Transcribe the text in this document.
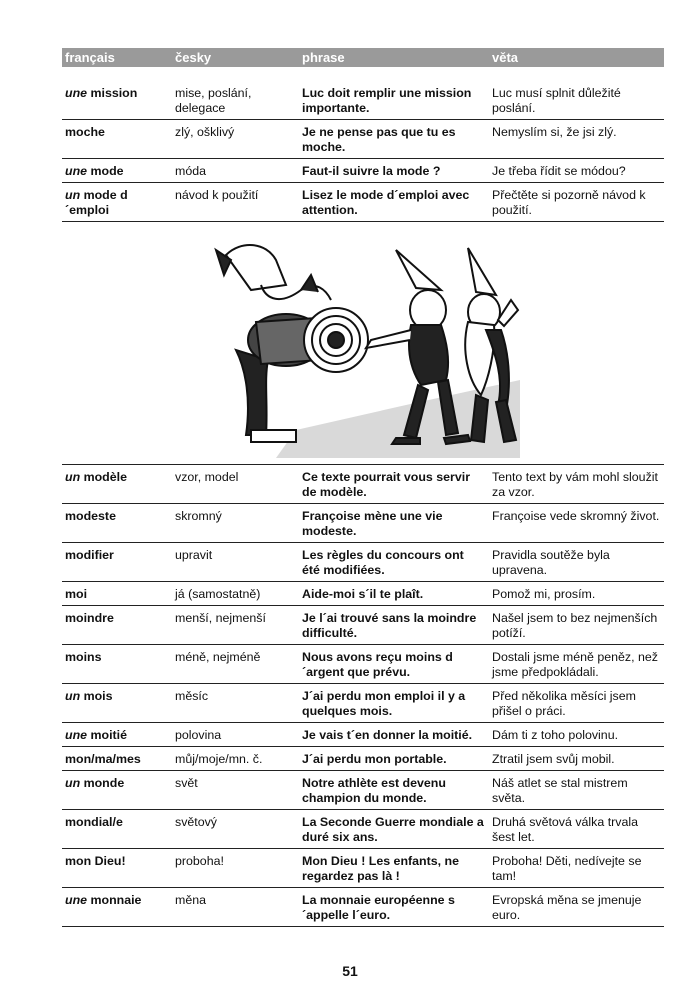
français	česky	phrase	věta

une mission	mise, poslání, delegace	Luc doit remplir une mission importante.	Luc musí splnit důležité poslání.
moche	zlý, ošklivý	Je ne pense pas que tu es moche.	Nemyslím si, že jsi zlý.
une mode	móda	Faut-il suivre la mode ?	Je třeba řídit se módou?
un mode d´emploi	návod k použití	Lisez le mode d´emploi avec attention.	Přečtěte si pozorně návod k použití.

un modèle	vzor, model	Ce texte pourrait vous servir de modèle.	Tento text by vám mohl sloužit za vzor.
modeste	skromný	Françoise mène une vie modeste.	Françoise vede skromný život.
modifier	upravit	Les règles du concours ont été modifiées.	Pravidla soutěže byla upravena.
moi	já (samostatně)	Aide-moi s´il te plaît.	Pomož mi, prosím.
moindre	menší, nejmenší	Je l´ai trouvé sans la moindre difficulté.	Našel jsem to bez nejmenších potíží.
moins	méně, nejméně	Nous avons reçu moins d´argent que prévu.	Dostali jsme méně peněz, než jsme předpokládali.
un mois	měsíc	J´ai perdu mon emploi il y a quelques mois.	Před několika měsíci jsem přišel o práci.
une moitié	polovina	Je vais t´en donner la moitié.	Dám ti z toho polovinu.
mon/ma/mes	můj/moje/mn. č.	J´ai perdu mon portable.	Ztratil jsem svůj mobil.
un monde	svět	Notre athlète est devenu champion du monde.	Náš atlet se stal mistrem světa.
mondial/e	světový	La Seconde Guerre mondiale a duré six ans.	Druhá světová válka trvala šest let.
mon Dieu!	proboha!	Mon Dieu ! Les enfants, ne regardez pas là !	Proboha! Děti, nedívejte se tam!
une monnaie	měna	La monnaie européenne s´appelle l´euro.	Evropská měna se jmenuje euro.
51
